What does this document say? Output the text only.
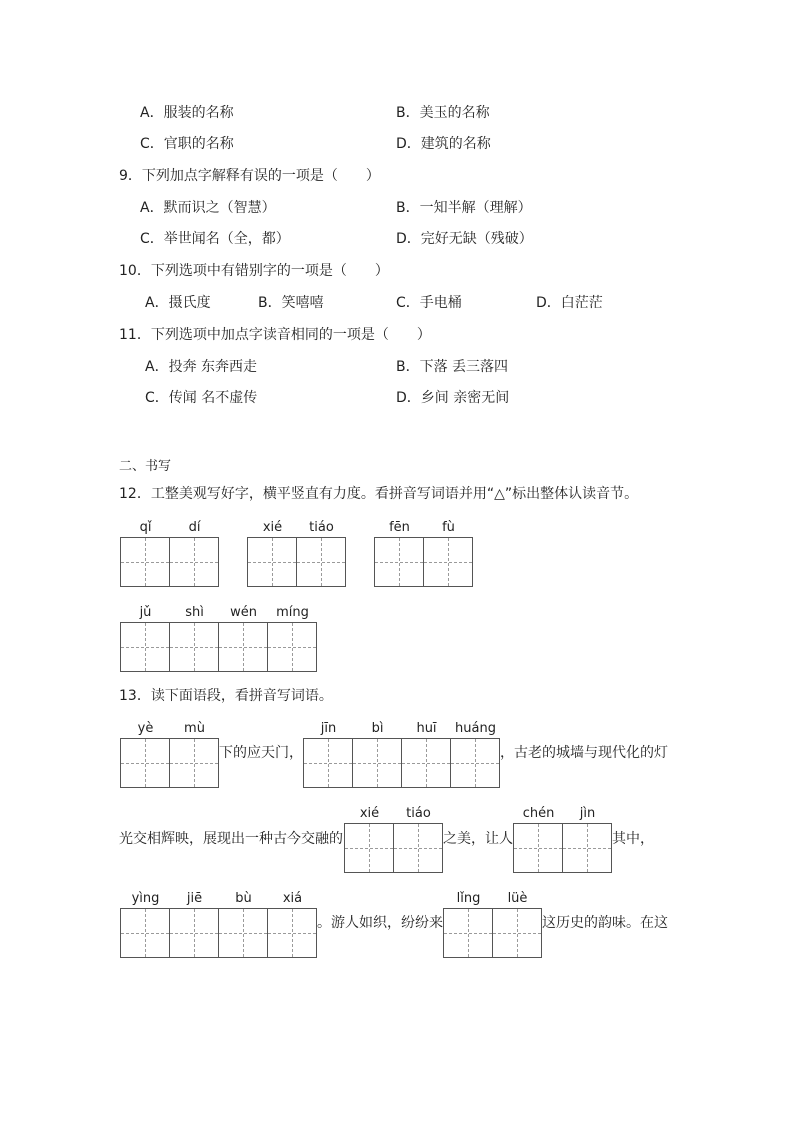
A．服装的名称	B．美玉的名称
C．官职的名称	D．建筑的名称
9．下列加点字解释有误的一项是（　　）
A．默而识之（智慧）	B．一知半解（理解）
C．举世闻名（全，都）	D．完好无缺（残破）
10．下列选项中有错别字的一项是（　　）
A．摄氏度	B．笑嘻嘻	C．手电桶	D．白茫茫
11．下列选项中加点字读音相同的一项是（　　）
A．投奔 东奔西走	B．下落 丢三落四
C．传闻 名不虚传	D．乡间 亲密无间
二、书写
12．工整美观写好字，横平竖直有力度。看拼音写词语并用“△”标出整体认读音节。
qǐ	dí	xié	tiáo	fēn	fù
jǔ	shì	wén	míng
13．读下面语段，看拼音写词语。
yè	mù
下的应天门，
jīn	bì	huī	huáng
，古老的城墙与现代化的灯
光交相辉映，展现出一种古今交融的
xié	tiáo
之美，让人
chén	jìn
其中，
yìng	jiē	bù	xiá
。游人如织，纷纷来
lǐng	lüè
这历史的韵味。在这
